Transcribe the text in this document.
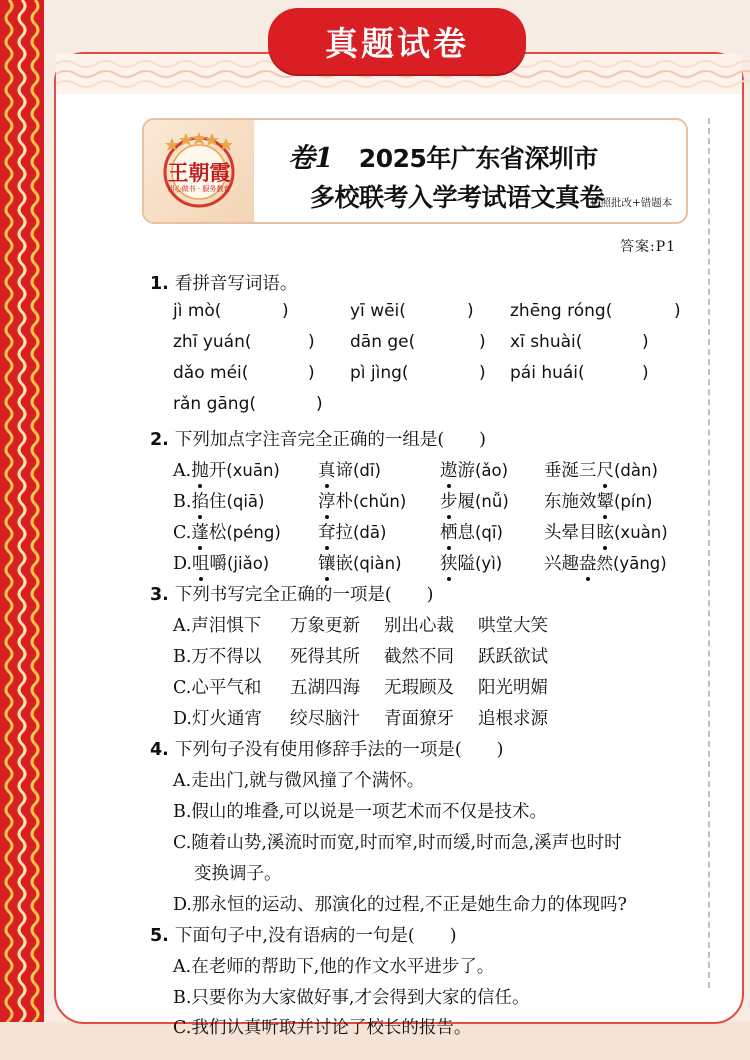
真题试卷
王朝霞
用心做书 · 服务教育
卷1 2025年广东省深圳市
多校联考入学考试语文真卷
拍照批改+错题本
答案:P1
1. 看拼音写词语。
jì mò(	)	yī wēi(	) zhēng róng(	)
zhī yuán(	) dān ge(	) xī shuài(	)
dǎo méi(	) pì jìng(	) pái huái(	)
rǎn gāng(	)
2. 下列加点字注音完全正确的一组是(　　)
A.抛开(xuān) 真谛(dī)	遨游(ǎo) 垂涎三尺(dàn)
B.掐住(qiā)	淳朴(chǔn) 步履(nǚ) 东施效颦(pín)
C.蓬松(péng) 耷拉(dā)	栖息(qī) 头晕目眩(xuàn)
D.咀嚼(jiǎo)	镶嵌(qiàn) 狭隘(yì) 兴趣盎然(yāng)
3. 下列书写完全正确的一项是(　　)
A.声泪惧下 万象更新 别出心裁 哄堂大笑
B.万不得以 死得其所 截然不同 跃跃欲试
C.心平气和 五湖四海 无瑕顾及 阳光明媚
D.灯火通宵 绞尽脑汁 青面獠牙 追根求源
4. 下列句子没有使用修辞手法的一项是(　　)
A.走出门,就与微风撞了个满怀。
B.假山的堆叠,可以说是一项艺术而不仅是技术。
C.随着山势,溪流时而宽,时而窄,时而缓,时而急,溪声也时时
变换调子。
D.那永恒的运动、那演化的过程,不正是她生命力的体现吗?
5. 下面句子中,没有语病的一句是(　　)
A.在老师的帮助下,他的作文水平进步了。
B.只要你为大家做好事,才会得到大家的信任。
C.我们认真听取并讨论了校长的报告。
